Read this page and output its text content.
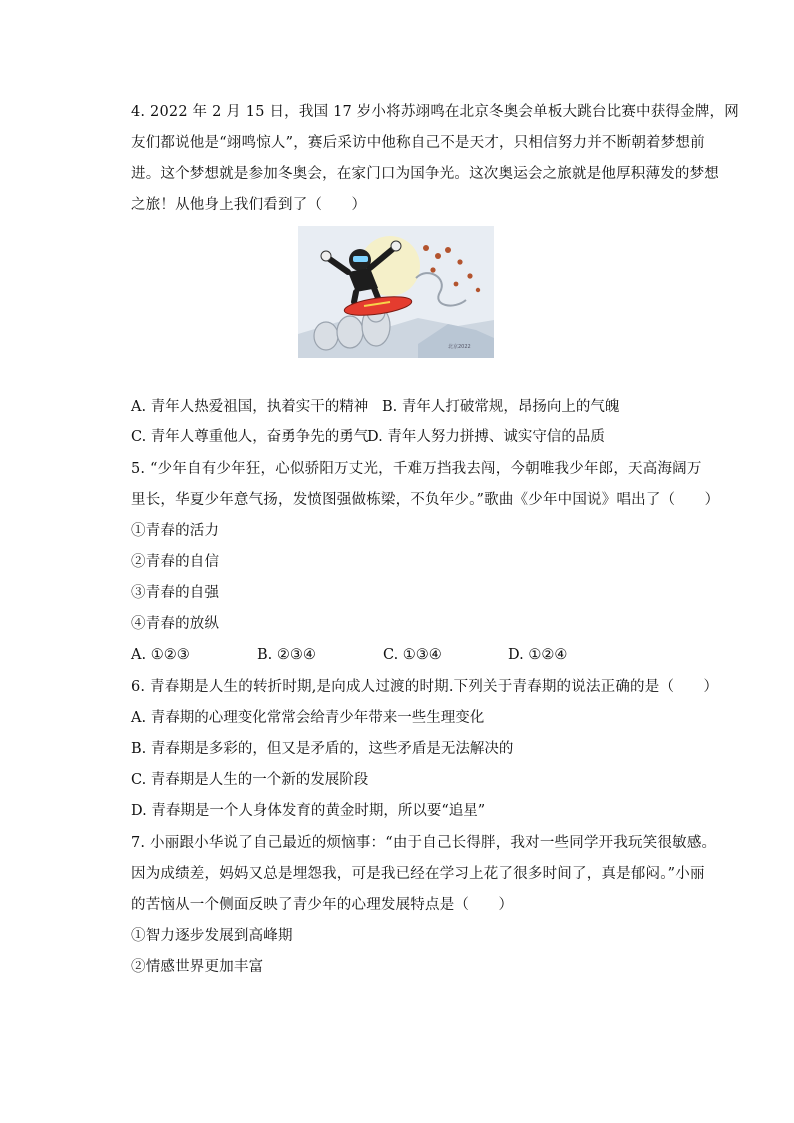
4. 2022 年 2 月 15 日，我国 17 岁小将苏翊鸣在北京冬奥会单板大跳台比赛中获得金牌，网
友们都说他是“翊鸣惊人”，赛后采访中他称自己不是天才，只相信努力并不断朝着梦想前
进。这个梦想就是参加冬奥会，在家门口为国争光。这次奥运会之旅就是他厚积薄发的梦想
之旅！从他身上我们看到了（　　）
北京2022
A. 青年人热爱祖国，执着实干的精神 B. 青年人打破常规，昂扬向上的气魄
C. 青年人尊重他人，奋勇争先的勇气
D. 青年人努力拼搏、诚实守信的品质
5. “少年自有少年狂，心似骄阳万丈光，千难万挡我去闯，今朝唯我少年郎，天高海阔万
里长，华夏少年意气扬，发愤图强做栋梁，不负年少。”歌曲《少年中国说》唱出了（　　）
①青春的活力
②青春的自信
③青春的自强
④青春的放纵
A. ①②③	B. ②③④	C. ①③④	D. ①②④
6. 青春期是人生的转折时期,是向成人过渡的时期.下列关于青春期的说法正确的是（　　）
A. 青春期的心理变化常常会给青少年带来一些生理变化
B. 青春期是多彩的，但又是矛盾的，这些矛盾是无法解决的
C. 青春期是人生的一个新的发展阶段
D. 青春期是一个人身体发育的黄金时期，所以要“追星”
7. 小丽跟小华说了自己最近的烦恼事：“由于自己长得胖，我对一些同学开我玩笑很敏感。
因为成绩差，妈妈又总是埋怨我，可是我已经在学习上花了很多时间了，真是郁闷。”小丽
的苦恼从一个侧面反映了青少年的心理发展特点是（　　）
①智力逐步发展到高峰期
②情感世界更加丰富
